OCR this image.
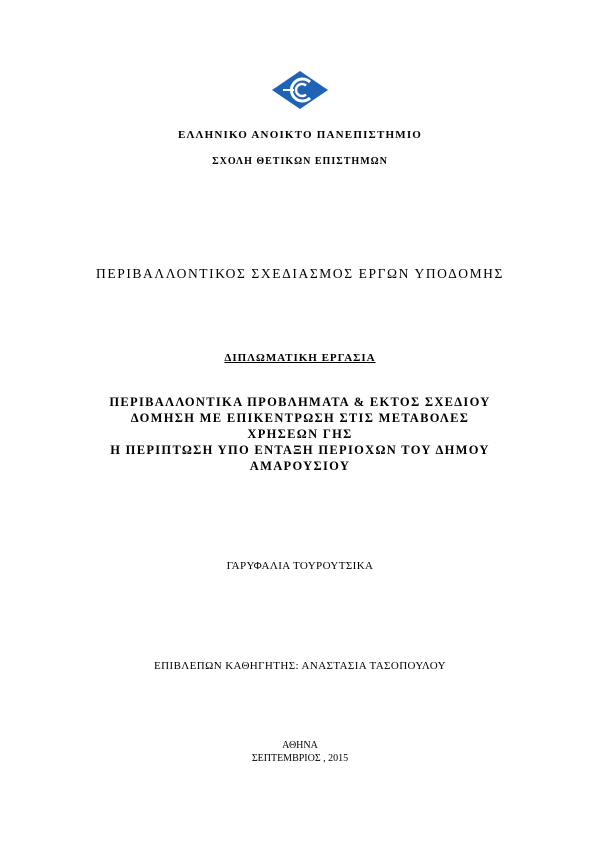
ΕΛΛΗΝΙΚΟ ΑΝΟΙΚΤΟ ΠΑΝΕΠΙΣΤΗΜΙΟ
ΣΧΟΛΗ ΘΕΤΙΚΩΝ ΕΠΙΣΤΗΜΩΝ
ΠΕΡΙΒΑΛΛΟΝΤΙΚΟΣ ΣΧΕΔΙΑΣΜΟΣ ΕΡΓΩΝ ΥΠΟΔΟΜΗΣ
ΔΙΠΛΩΜΑΤΙΚΗ ΕΡΓΑΣΙΑ
ΠΕΡΙΒΑΛΛΟΝΤΙΚΑ ΠΡΟΒΛΗΜΑΤΑ & ΕΚΤΟΣ ΣΧΕΔΙΟΥ
ΔΟΜΗΣΗ ΜΕ ΕΠΙΚΕΝΤΡΩΣΗ ΣΤΙΣ ΜΕΤΑΒΟΛΕΣ
ΧΡΗΣΕΩΝ ΓΗΣ
Η ΠΕΡΙΠΤΩΣΗ ΥΠΟ ΕΝΤΑΞΗ ΠΕΡΙΟΧΩΝ ΤΟΥ ΔΗΜΟΥ
ΑΜΑΡΟΥΣΙΟΥ
ΓΑΡΥΦΑΛΙΑ ΤΟΥΡΟΥΤΣΙΚΑ
ΕΠΙΒΛΕΠΩΝ ΚΑΘΗΓΗΤΗΣ: ΑΝΑΣΤΑΣΙΑ ΤΑΣΟΠΟΥΛΟΥ
ΑΘΗΝΑ
ΣΕΠΤΕΜΒΡΙΟΣ , 2015
